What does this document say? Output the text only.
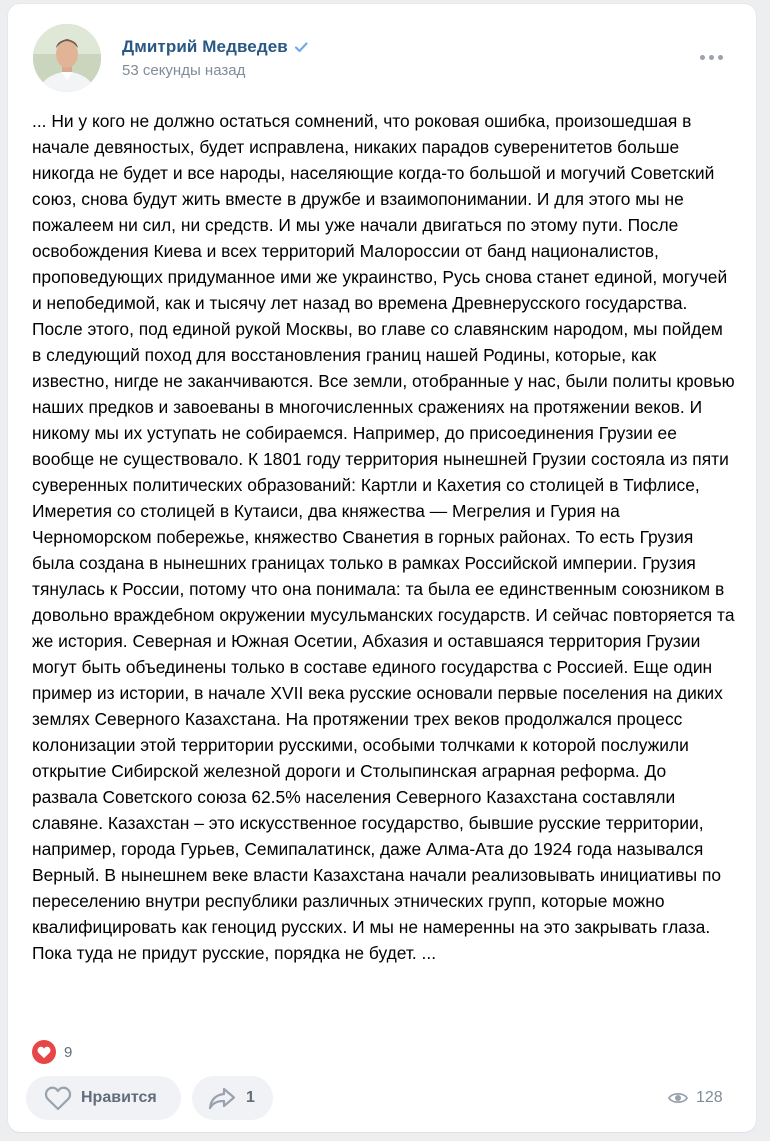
Дмитрий Медведев
53 секунды назад

... Ни у кого не должно остаться сомнений, что роковая ошибка, произошедшая в начале девяностых, будет исправлена, никаких парадов суверенитетов больше никогда не будет и все народы, населяющие когда-то большой и могучий Советский союз, снова будут жить вместе в дружбе и взаимопонимании. И для этого мы не пожалеем ни сил, ни средств. И мы уже начали двигаться по этому пути. После освобождения Киева и всех территорий Малороссии от банд националистов, проповедующих придуманное ими же украинство, Русь снова станет единой, могучей и непобедимой, как и тысячу лет назад во времена Древнерусского государства. После этого, под единой рукой Москвы, во главе со славянским народом, мы пойдем в следующий поход для восстановления границ нашей Родины, которые, как известно, нигде не заканчиваются. Все земли, отобранные у нас, были политы кровью наших предков и завоеваны в многочисленных сражениях на протяжении веков. И никому мы их уступать не собираемся. Например, до присоединения Грузии ее вообще не существовало. К 1801 году территория нынешней Грузии состояла из пяти суверенных политических образований: Картли и Кахетия со столицей в Тифлисе, Имеретия со столицей в Кутаиси, два княжества — Мегрелия и Гурия на Черноморском побережье, княжество Сванетия в горных районах. То есть Грузия была создана в нынешних границах только в рамках Российской империи. Грузия тянулась к России, потому что она понимала: та была ее единственным союзником в довольно враждебном окружении мусульманских государств. И сейчас повторяется та же история. Северная и Южная Осетии, Абхазия и оставшаяся территория Грузии могут быть объединены только в составе единого государства с Россией. Еще один пример из истории, в начале XVII века русские основали первые поселения на диких землях Северного Казахстана. На протяжении трех веков продолжался процесс колонизации этой территории русскими, особыми толчками к которой послужили открытие Сибирской железной дороги и Столыпинская аграрная реформа. До развала Советского союза 62.5% населения Северного Казахстана составляли славяне. Казахстан – это искусственное государство, бывшие русские территории, например, города Гурьев, Семипалатинск, даже Алма-Ата до 1924 года назывался Верный. В нынешнем веке власти Казахстана начали реализовывать инициативы по переселению внутри республики различных этнических групп, которые можно квалифицировать как геноцид русских. И мы не намеренны на это закрывать глаза. Пока туда не придут русские, порядка не будет. ...

9
Нравится	1	128
